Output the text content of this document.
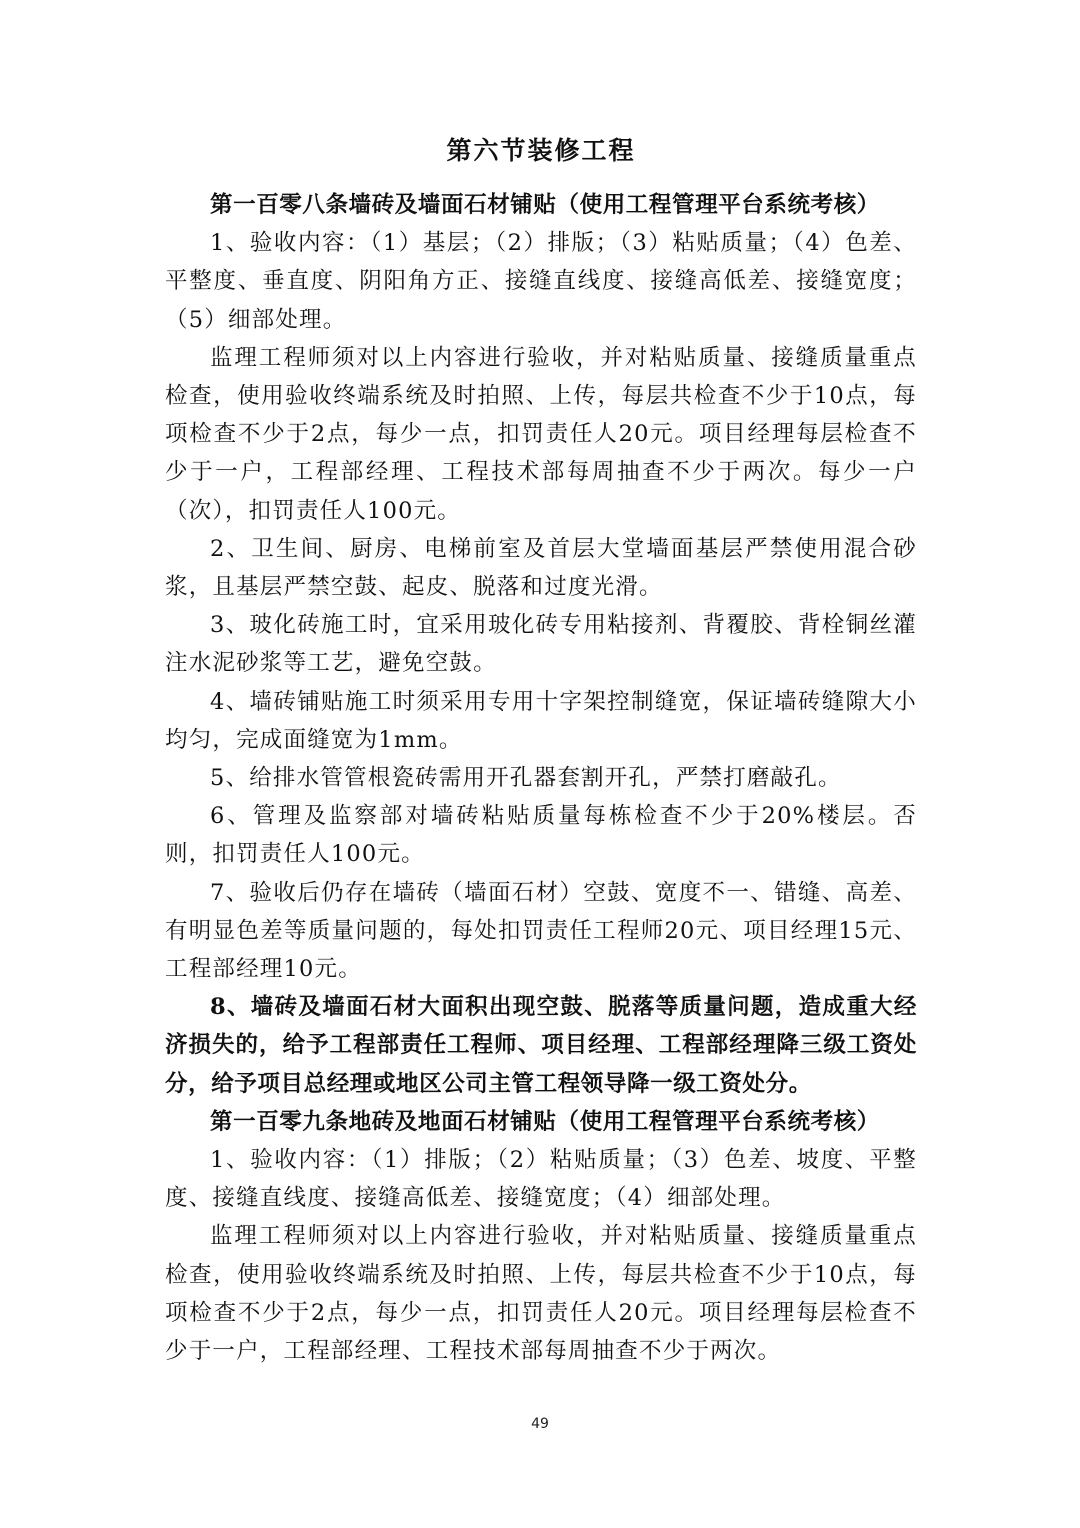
第六节装修工程

第一百零八条墙砖及墙面石材铺贴（使用工程管理平台系统考核）

1、验收内容：（1）基层；（2）排版；（3）粘贴质量；（4）色差、平整度、垂直度、阴阳角方正、接缝直线度、接缝高低差、接缝宽度；（5）细部处理。

监理工程师须对以上内容进行验收，并对粘贴质量、接缝质量重点检查，使用验收终端系统及时拍照、上传，每层共检查不少于10点，每项检查不少于2点，每少一点，扣罚责任人20元。项目经理每层检查不少于一户，工程部经理、工程技术部每周抽查不少于两次。每少一户（次），扣罚责任人100元。

2、卫生间、厨房、电梯前室及首层大堂墙面基层严禁使用混合砂浆，且基层严禁空鼓、起皮、脱落和过度光滑。

3、玻化砖施工时，宜采用玻化砖专用粘接剂、背覆胶、背栓铜丝灌注水泥砂浆等工艺，避免空鼓。

4、墙砖铺贴施工时须采用专用十字架控制缝宽，保证墙砖缝隙大小均匀，完成面缝宽为1mm。

5、给排水管管根瓷砖需用开孔器套割开孔，严禁打磨敲孔。

6、管理及监察部对墙砖粘贴质量每栋检查不少于20%楼层。否则，扣罚责任人100元。

7、验收后仍存在墙砖（墙面石材）空鼓、宽度不一、错缝、高差、有明显色差等质量问题的，每处扣罚责任工程师20元、项目经理15元、工程部经理10元。

8、墙砖及墙面石材大面积出现空鼓、脱落等质量问题，造成重大经济损失的，给予工程部责任工程师、项目经理、工程部经理降三级工资处分，给予项目总经理或地区公司主管工程领导降一级工资处分。

第一百零九条地砖及地面石材铺贴（使用工程管理平台系统考核）

1、验收内容：（1）排版；（2）粘贴质量；（3）色差、坡度、平整度、接缝直线度、接缝高低差、接缝宽度；（4）细部处理。

监理工程师须对以上内容进行验收，并对粘贴质量、接缝质量重点检查，使用验收终端系统及时拍照、上传，每层共检查不少于10点，每项检查不少于2点，每少一点，扣罚责任人20元。项目经理每层检查不少于一户，工程部经理、工程技术部每周抽查不少于两次。

49
